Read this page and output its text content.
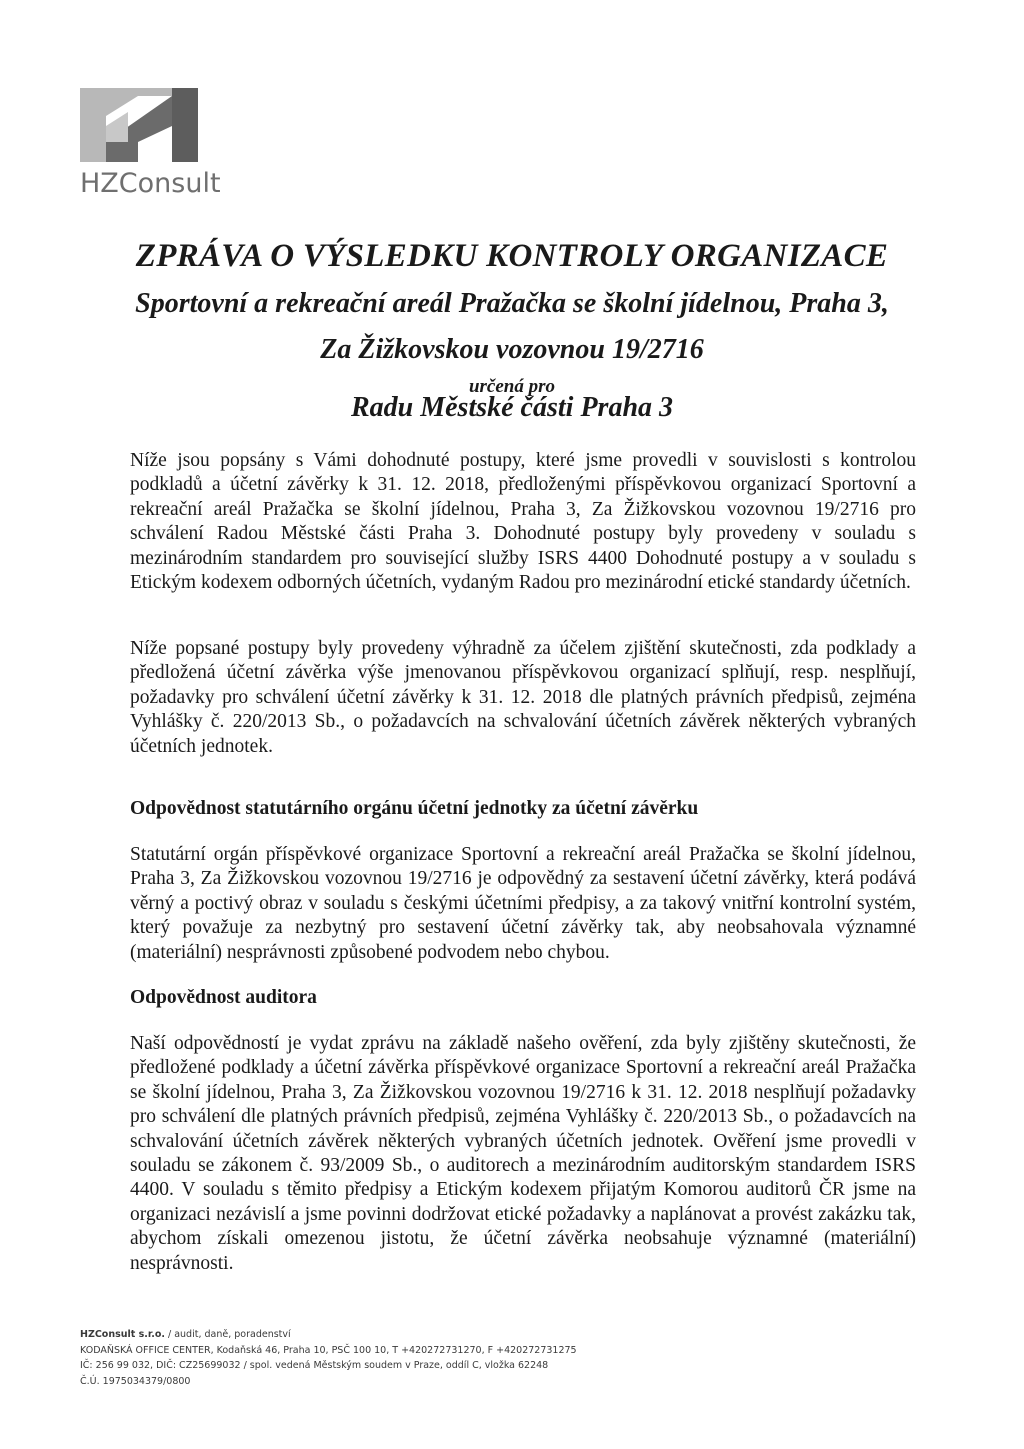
HZConsult
ZPRÁVA O VÝSLEDKU KONTROLY ORGANIZACE
Sportovní a rekreační areál Pražačka se školní jídelnou, Praha 3,
Za Žižkovskou vozovnou 19/2716
určená pro
Radu Městské části Praha 3

Níže jsou popsány s Vámi dohodnuté postupy, které jsme provedli v souvislosti s kontrolou podkladů a účetní závěrky k 31. 12. 2018, předloženými příspěvkovou organizací Sportovní a rekreační areál Pražačka se školní jídelnou, Praha 3, Za Žižkovskou vozovnou 19/2716 pro schválení Radou Městské části Praha 3. Dohodnuté postupy byly provedeny v souladu s mezinárodním standardem pro související služby ISRS 4400 Dohodnuté postupy a v souladu s Etickým kodexem odborných účetních, vydaným Radou pro mezinárodní etické standardy účetních.

Níže popsané postupy byly provedeny výhradně za účelem zjištění skutečnosti, zda podklady a předložená účetní závěrka výše jmenovanou příspěvkovou organizací splňují, resp. nesplňují, požadavky pro schválení účetní závěrky k 31. 12. 2018 dle platných právních předpisů, zejména Vyhlášky č. 220/2013 Sb., o požadavcích na schvalování účetních závěrek některých vybraných účetních jednotek.

Odpovědnost statutárního orgánu účetní jednotky za účetní závěrku

Statutární orgán příspěvkové organizace Sportovní a rekreační areál Pražačka se školní jídelnou, Praha 3, Za Žižkovskou vozovnou 19/2716 je odpovědný za sestavení účetní závěrky, která podává věrný a poctivý obraz v souladu s českými účetními předpisy, a za takový vnitřní kontrolní systém, který považuje za nezbytný pro sestavení účetní závěrky tak, aby neobsahovala významné (materiální) nesprávnosti způsobené podvodem nebo chybou.

Odpovědnost auditora

Naší odpovědností je vydat zprávu na základě našeho ověření, zda byly zjištěny skutečnosti, že předložené podklady a účetní závěrka příspěvkové organizace Sportovní a rekreační areál Pražačka se školní jídelnou, Praha 3, Za Žižkovskou vozovnou 19/2716 k 31. 12. 2018 nesplňují požadavky pro schválení dle platných právních předpisů, zejména Vyhlášky č. 220/2013 Sb., o požadavcích na schvalování účetních závěrek některých vybraných účetních jednotek. Ověření jsme provedli v souladu se zákonem č. 93/2009 Sb., o auditorech a mezinárodním auditorským standardem ISRS 4400. V souladu s těmito předpisy a Etickým kodexem přijatým Komorou auditorů ČR jsme na organizaci nezávislí a jsme povinni dodržovat etické požadavky a naplánovat a provést zakázku tak, abychom získali omezenou jistotu, že účetní závěrka neobsahuje významné (materiální) nesprávnosti.

HZConsult s.r.o. / audit, daně, poradenství
KODAŇSKÁ OFFICE CENTER, Kodaňská 46, Praha 10, PSČ 100 10, T +420272731270, F +420272731275
IČ: 256 99 032, DIČ: CZ25699032 / spol. vedená Městským soudem v Praze, oddíl C, vložka 62248
Č.Ú. 1975034379/0800
